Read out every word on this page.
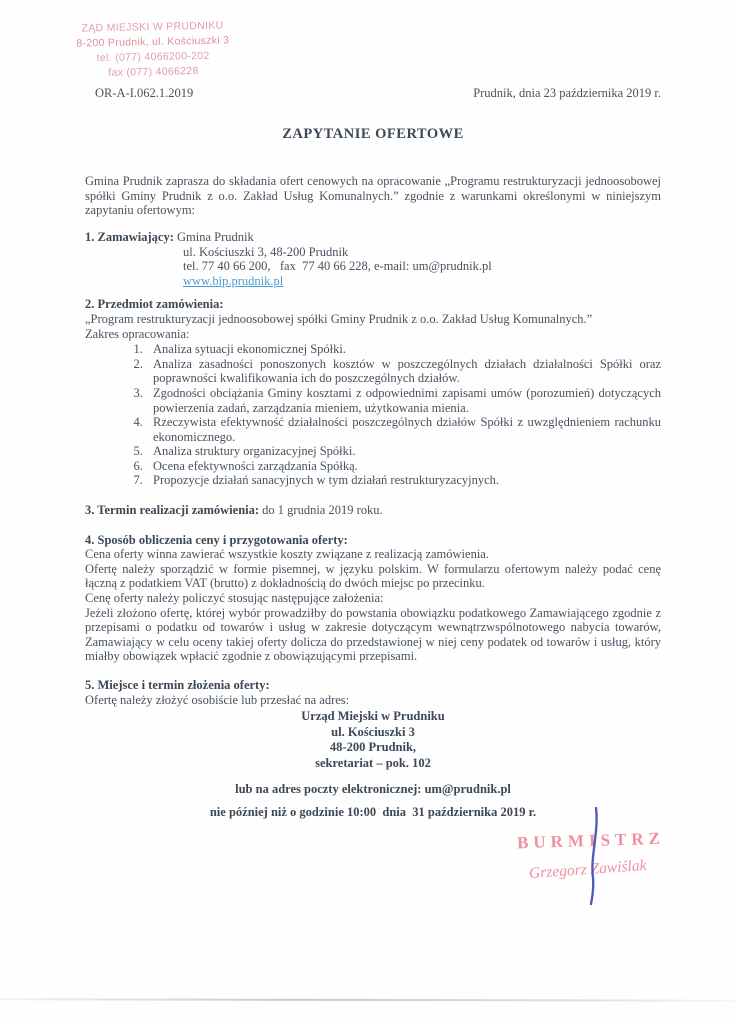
ZĄD MIEJSKI W PRUDNIKU
8-200 Prudnik, ul. Kościuszki 3
tel. (077) 4066200-202
fax (077) 4066228
OR-A-I.062.1.2019	Prudnik, dnia 23 października 2019 r.
ZAPYTANIE OFERTOWE

Gmina Prudnik zaprasza do składania ofert cenowych na opracowanie „Programu restrukturyzacji jednoosobowej spółki Gminy Prudnik z o.o. Zakład Usług Komunalnych.” zgodnie z warunkami określonymi w niniejszym zapytaniu ofertowym:

1. Zamawiający: Gmina Prudnik

ul. Kościuszki 3, 48-200 Prudnik

tel. 77 40 66 200,   fax  77 40 66 228, e-mail: um@prudnik.pl

www.bip.prudnik.pl

2. Przedmiot zamówienia:

„Program restrukturyzacji jednoosobowej spółki Gminy Prudnik z o.o. Zakład Usług Komunalnych.”

Zakres opracowania:

1. Analiza sytuacji ekonomicznej Spółki.
2. Analiza zasadności ponoszonych kosztów w poszczególnych działach działalności Spółki oraz poprawności kwalifikowania ich do poszczególnych działów.
3. Zgodności obciążania Gminy kosztami z odpowiednimi zapisami umów (porozumień) dotyczących powierzenia zadań, zarządzania mieniem, użytkowania mienia.
4. Rzeczywista efektywność działalności poszczególnych działów Spółki z uwzględnieniem rachunku ekonomicznego.
5. Analiza struktury organizacyjnej Spółki.
6. Ocena efektywności zarządzania Spółką.
7. Propozycje działań sanacyjnych w tym działań restrukturyzacyjnych.

3. Termin realizacji zamówienia: do 1 grudnia 2019 roku.

4. Sposób obliczenia ceny i przygotowania oferty:

Cena oferty winna zawierać wszystkie koszty związane z realizacją zamówienia.

Ofertę należy sporządzić w formie pisemnej, w języku polskim. W formularzu ofertowym należy podać cenę łączną z podatkiem VAT (brutto) z dokładnością do dwóch miejsc po przecinku.

Cenę oferty należy policzyć stosując następujące założenia:

Jeżeli złożono ofertę, której wybór prowadziłby do powstania obowiązku podatkowego Zamawiającego zgodnie z przepisami o podatku od towarów i usług w zakresie dotyczącym wewnątrzwspólnotowego nabycia towarów, Zamawiający w celu oceny takiej oferty dolicza do przedstawionej w niej ceny podatek od towarów i usług, który miałby obowiązek wpłacić zgodnie z obowiązującymi przepisami.

5. Miejsce i termin złożenia oferty:

Ofertę należy złożyć osobiście lub przesłać na adres:

Urząd Miejski w Prudniku

ul. Kościuszki 3

48-200 Prudnik,

sekretariat – pok. 102

lub na adres poczty elektronicznej: um@prudnik.pl

nie później niż o godzinie 10:00  dnia  31 października 2019 r.

BURMISTRZ
Grzegorz Zawiślak
